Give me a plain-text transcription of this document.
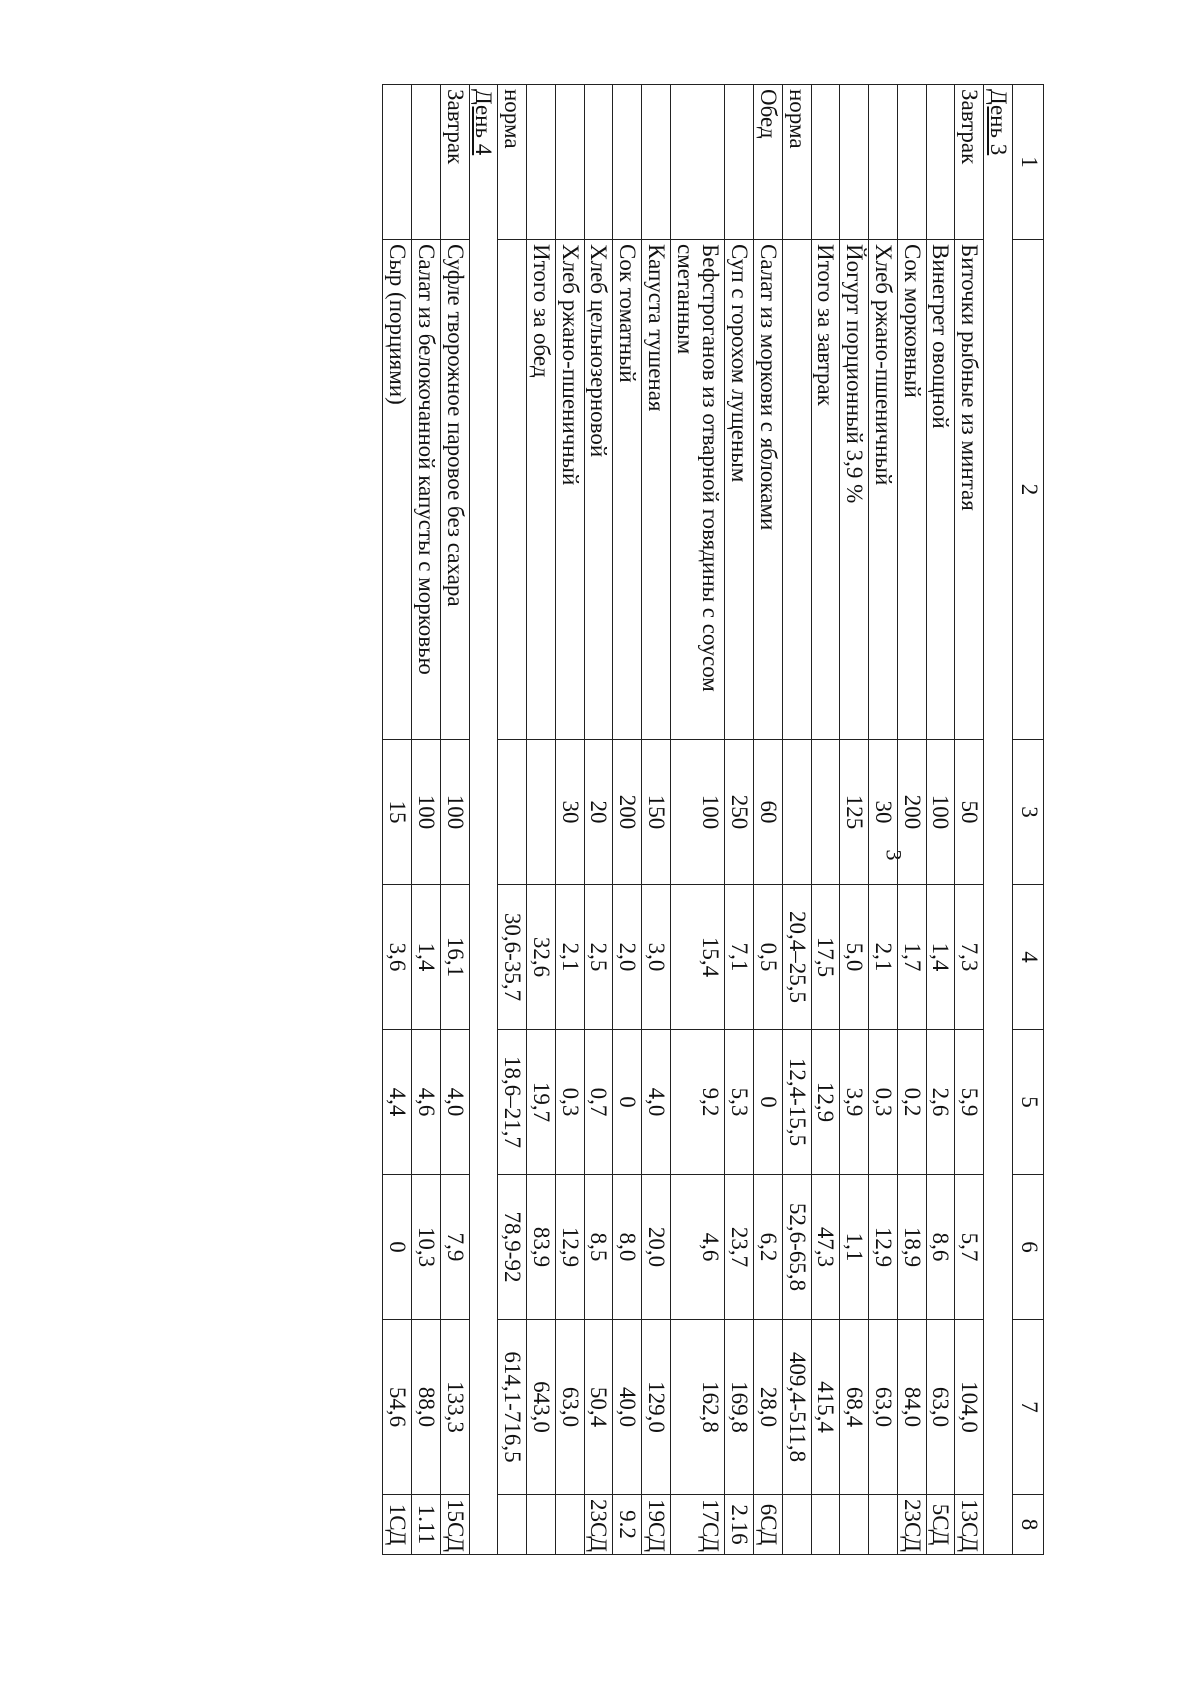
3
1	2	3	4	5	6	7	8
День 3							
Завтрак	Биточки рыбные из минтая	50	7,3	5,9	5,7	104,0	13СД
	Винегрет овощной	100	1,4	2,6	8,6	63,0	5СД
	Сок морковный	200	1,7	0,2	18,9	84,0	23СД
	Хлеб ржано-пшеничный	30	2,1	0,3	12,9	63,0	
	Йогурт порционный 3,9 %	125	5,0	3,9	1,1	68,4	
	Итого за завтрак		17,5	12,9	47,3	415,4	
норма			20,4–25,5	12,4-15,5	52,6-65,8	409,4-511,8	
Обед	Салат из моркови с яблоками	60	0,5	0	6,2	28,0	6СД
	Суп с горохом лущеным	250	7,1	5,3	23,7	169,8	2.16
	Бефстроганов из отварной говядины с соусом сметанным	100	15,4	9,2	4,6	162,8	17СД
	Капуста тушеная	150	3,0	4,0	20,0	129,0	19СД
	Сок томатный	200	2,0	0	8,0	40,0	9.2
	Хлеб цельнозерновой	20	2,5	0,7	8,5	50,4	23СД
	Хлеб ржано-пшеничный	30	2,1	0,3	12,9	63,0	
	Итого за обед		32,6	19,7	83,9	643,0	
норма			30,6-35,7	18,6–21,7	78,9-92	614,1-716,5	
День 4							
Завтрак	Суфле творожное паровое без сахара	100	16,1	4,0	7,9	133,3	15СД
	Салат из белокочанной капусты с морковью	100	1,4	4,6	10,3	88,0	1.11
	Сыр (порциями)	15	3,6	4,4	0	54,6	1СД
